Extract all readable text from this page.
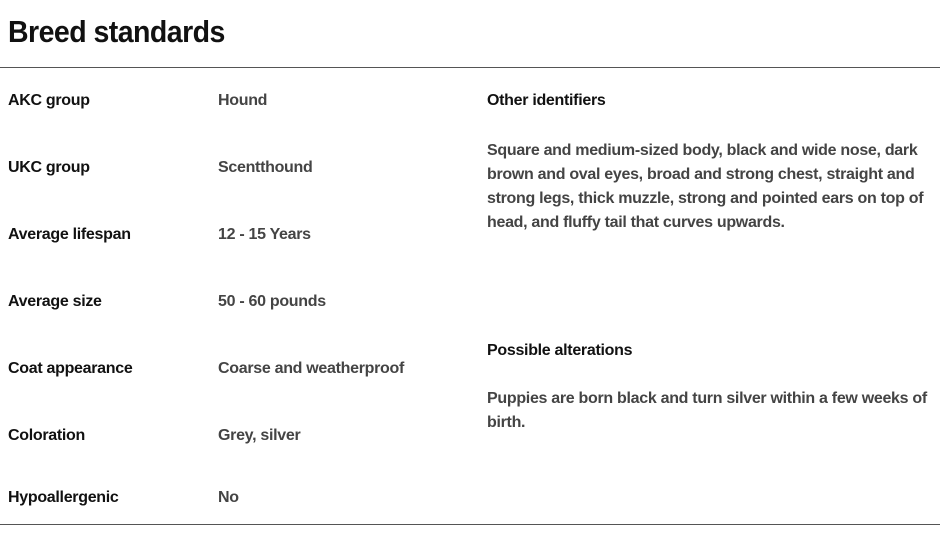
Breed standards
AKC group	Hound
UKC group	Scentthound
Average lifespan	12 - 15 Years
Average size	50 - 60 pounds
Coat appearance	Coarse and weatherproof
Coloration	Grey, silver
Hypoallergenic	No
Other identifiers

Square and medium-sized body, black and wide nose, dark brown and oval eyes, broad and strong chest, straight and strong legs, thick muzzle, strong and pointed ears on top of head, and fluffy tail that curves upwards.

Possible alterations

Puppies are born black and turn silver within a few weeks of birth.
